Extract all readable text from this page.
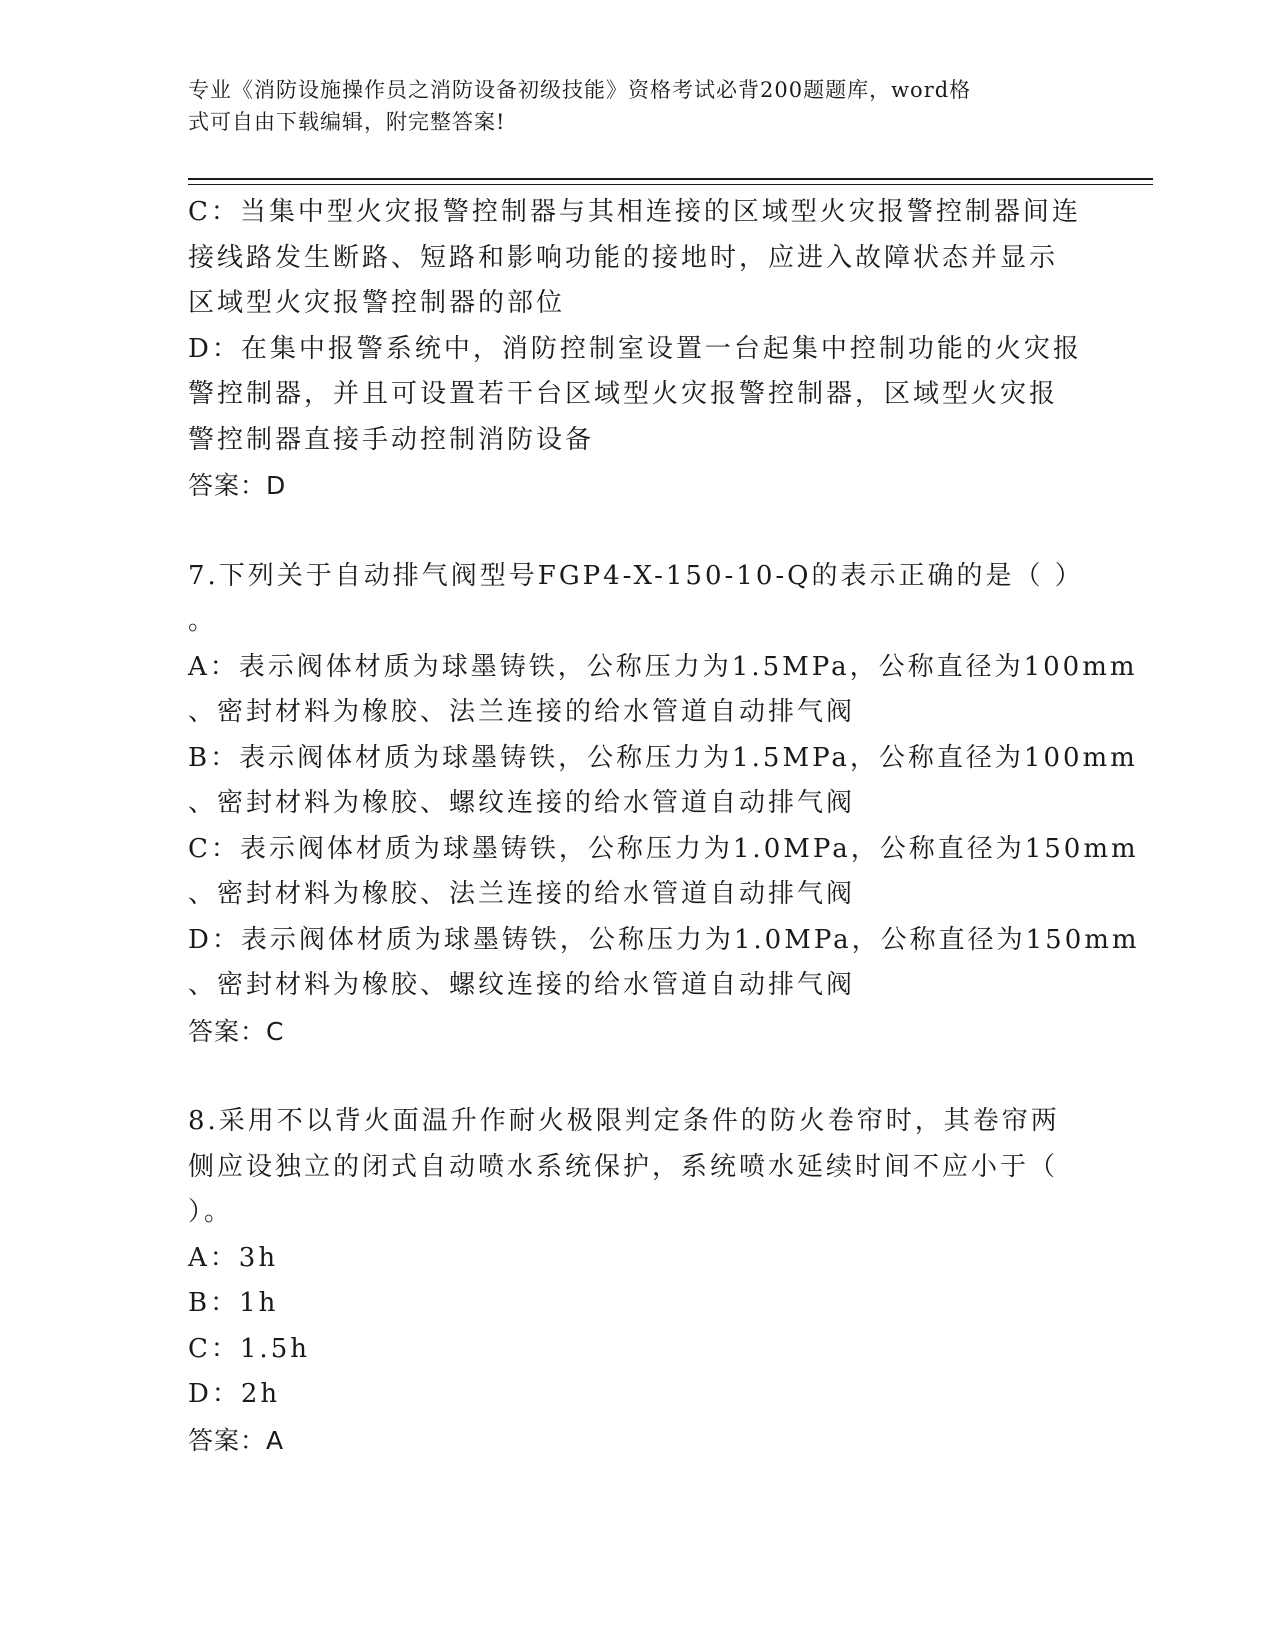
专业《消防设施操作员之消防设备初级技能》资格考试必背200题题库，word格
式可自由下载编辑，附完整答案!
C：当集中型火灾报警控制器与其相连接的区域型火灾报警控制器间连
接线路发生断路、短路和影响功能的接地时，应进入故障状态并显示
区域型火灾报警控制器的部位
D：在集中报警系统中，消防控制室设置一台起集中控制功能的火灾报
警控制器，并且可设置若干台区域型火灾报警控制器，区域型火灾报
警控制器直接手动控制消防设备
答案：D
7.下列关于自动排气阀型号FGP4-X-150-10-Q的表示正确的是（ ）
。
A：表示阀体材质为球墨铸铁，公称压力为1.5MPa，公称直径为100mm
、密封材料为橡胶、法兰连接的给水管道自动排气阀
B：表示阀体材质为球墨铸铁，公称压力为1.5MPa，公称直径为100mm
、密封材料为橡胶、螺纹连接的给水管道自动排气阀
C：表示阀体材质为球墨铸铁，公称压力为1.0MPa，公称直径为150mm
、密封材料为橡胶、法兰连接的给水管道自动排气阀
D：表示阀体材质为球墨铸铁，公称压力为1.0MPa，公称直径为150mm
、密封材料为橡胶、螺纹连接的给水管道自动排气阀
答案：C
8.采用不以背火面温升作耐火极限判定条件的防火卷帘时，其卷帘两
侧应设独立的闭式自动喷水系统保护，系统喷水延续时间不应小于（
）。
A：3h
B：1h
C：1.5h
D：2h
答案：A
